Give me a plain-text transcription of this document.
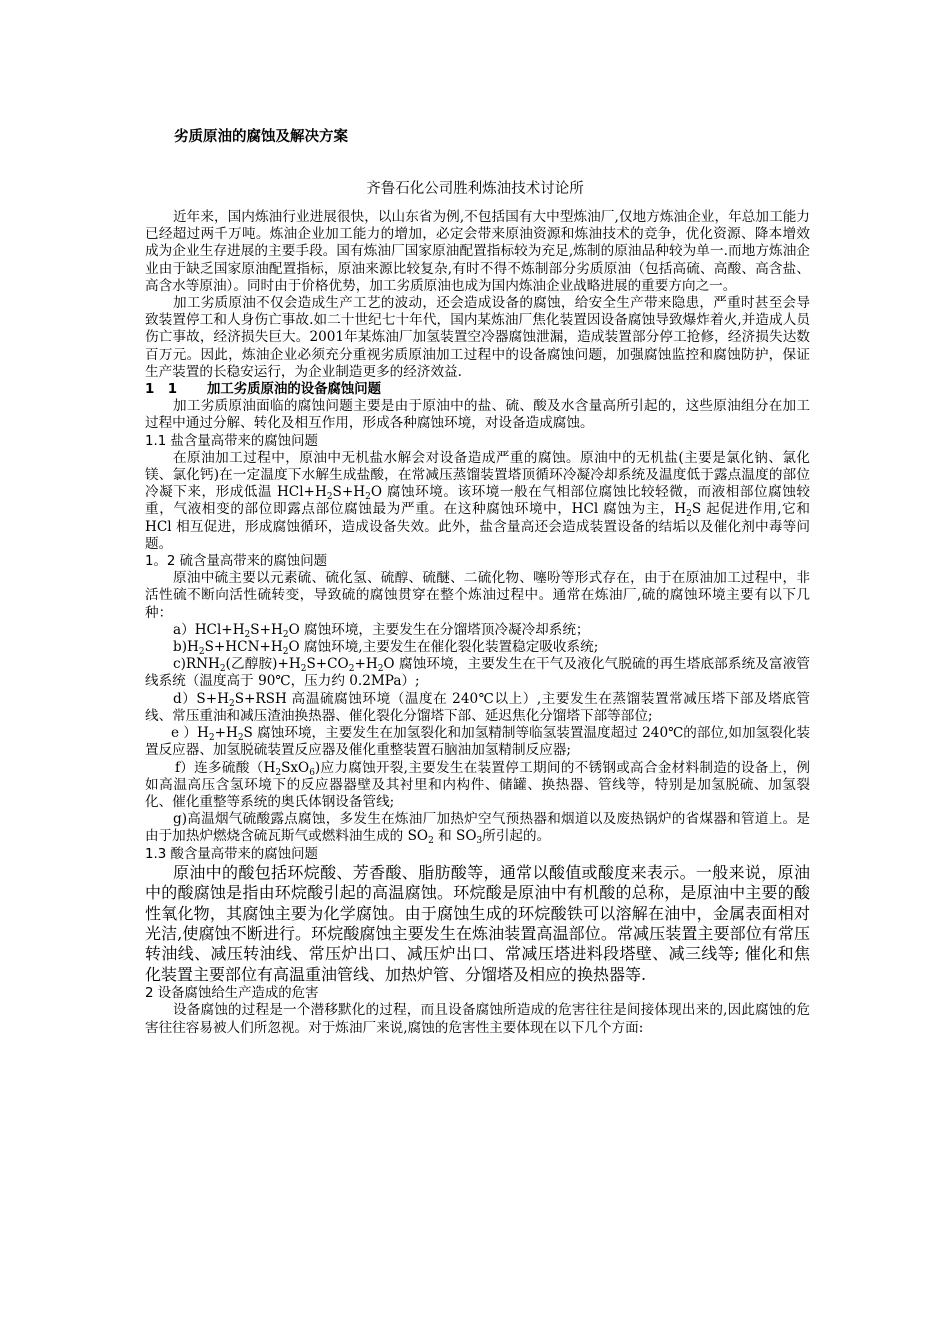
劣质原油的腐蚀及解决方案

齐鲁石化公司胜利炼油技术讨论所

近年来，国内炼油行业进展很快，以山东省为例,不包括国有大中型炼油厂,仅地方炼油企业，年总加工能力已经超过两千万吨。炼油企业加工能力的增加，必定会带来原油资源和炼油技术的竞争，优化资源、降本增效成为企业生存进展的主要手段。国有炼油厂国家原油配置指标较为充足,炼制的原油品种较为单一.而地方炼油企业由于缺乏国家原油配置指标，原油来源比较复杂,有时不得不炼制部分劣质原油（包括高硫、高酸、高含盐、高含水等原油）。同时由于价格优势，加工劣质原油也成为国内炼油企业战略进展的重要方向之一。

加工劣质原油不仅会造成生产工艺的波动，还会造成设备的腐蚀，给安全生产带来隐患，严重时甚至会导致装置停工和人身伤亡事故.如二十世纪七十年代，国内某炼油厂焦化装置因设备腐蚀导致爆炸着火,并造成人员伤亡事故，经济损失巨大。2001年某炼油厂加氢装置空冷器腐蚀泄漏，造成装置部分停工抢修，经济损失达数百万元。因此，炼油企业必须充分重视劣质原油加工过程中的设备腐蚀问题，加强腐蚀监控和腐蚀防护，保证生产装置的长稳安运行，为企业制造更多的经济效益.

1　1	加工劣质原油的设备腐蚀问题

加工劣质原油面临的腐蚀问题主要是由于原油中的盐、硫、酸及水含量高所引起的，这些原油组分在加工过程中通过分解、转化及相互作用，形成各种腐蚀环境，对设备造成腐蚀。

1.1 盐含量高带来的腐蚀问题

在原油加工过程中，原油中无机盐水解会对设备造成严重的腐蚀。原油中的无机盐(主要是氯化钠、氯化镁、氯化钙)在一定温度下水解生成盐酸，在常减压蒸馏装置塔顶循环冷凝冷却系统及温度低于露点温度的部位冷凝下来，形成低温 $HCl+H_2S+H_2O$ 腐蚀环境。该环境一般在气相部位腐蚀比较轻微，而液相部位腐蚀较重，气液相变的部位即露点部位腐蚀最为严重。在这种腐蚀环境中，HCl 腐蚀为主，$H_2S$ 起促进作用,它和 HCl 相互促进，形成腐蚀循环，造成设备失效。此外，盐含量高还会造成装置设备的结垢以及催化剂中毒等问题。

1。2 硫含量高带来的腐蚀问题

原油中硫主要以元素硫、硫化氢、硫醇、硫醚、二硫化物、噻吩等形式存在，由于在原油加工过程中，非活性硫不断向活性硫转变，导致硫的腐蚀贯穿在整个炼油过程中。通常在炼油厂,硫的腐蚀环境主要有以下几种：

$a)HCl+H_2S+H_2O$ 腐蚀环境，主要发生在分馏塔顶冷凝冷却系统；

$b)H_2S+HCN+H_2O$ 腐蚀环境,主要发生在催化裂化装置稳定吸收系统;

$c)RNH_2$(乙醇胺)$+H_2S+CO_2+H_2O$ 腐蚀环境，主要发生在干气及液化气脱硫的再生塔底部系统及富液管线系统（温度高于 90℃，压力约 0.2MPa）;

$d)S+H_2S+RSH$ 高温硫腐蚀环境（温度在 240℃以上）,主要发生在蒸馏装置常减压塔下部及塔底管线、常压重油和减压渣油换热器、催化裂化分馏塔下部、延迟焦化分馏塔下部等部位;

e ）$H_2+H_2S$ 腐蚀环境，主要发生在加氢裂化和加氢精制等临氢装置温度超过 240℃的部位,如加氢裂化装置反应器、加氢脱硫装置反应器及催化重整装置石脑油加氢精制反应器;

f）连多硫酸$(H_2SxO_6)$应力腐蚀开裂,主要发生在装置停工期间的不锈钢或高合金材料制造的设备上，例如高温高压含氢环境下的反应器器壁及其衬里和内构件、储罐、换热器、管线等，特别是加氢脱硫、加氢裂化、催化重整等系统的奥氏体钢设备管线;

g)高温烟气硫酸露点腐蚀，多发生在炼油厂加热炉空气预热器和烟道以及废热锅炉的省煤器和管道上。是由于加热炉燃烧含硫瓦斯气或燃料油生成的 $SO_2$ 和 $SO_3$所引起的。

1.3 酸含量高带来的腐蚀问题

原油中的酸包括环烷酸、芳香酸、脂肪酸等，通常以酸值或酸度来表示。一般来说，原油中的酸腐蚀是指由环烷酸引起的高温腐蚀。环烷酸是原油中有机酸的总称，是原油中主要的酸性氧化物，其腐蚀主要为化学腐蚀。由于腐蚀生成的环烷酸铁可以溶解在油中，金属表面相对光洁,使腐蚀不断进行。环烷酸腐蚀主要发生在炼油装置高温部位。常减压装置主要部位有常压转油线、减压转油线、常压炉出口、减压炉出口、常减压塔进料段塔壁、减三线等; 催化和焦化装置主要部位有高温重油管线、加热炉管、分馏塔及相应的换热器等.

2 设备腐蚀给生产造成的危害

设备腐蚀的过程是一个潜移默化的过程，而且设备腐蚀所造成的危害往往是间接体现出来的,因此腐蚀的危害往往容易被人们所忽视。对于炼油厂来说,腐蚀的危害性主要体现在以下几个方面:
